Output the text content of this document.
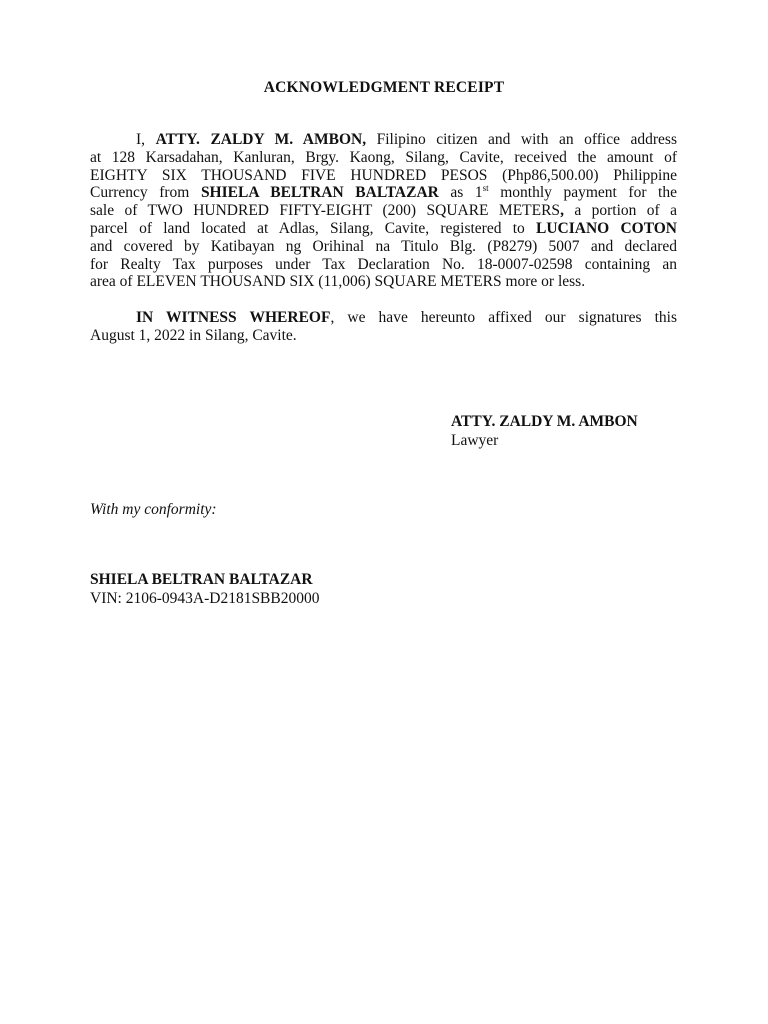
ACKNOWLEDGMENT RECEIPT
I, ATTY. ZALDY M. AMBON, Filipino citizen and with an office address
at 128 Karsadahan, Kanluran, Brgy. Kaong, Silang, Cavite, received the amount of
EIGHTY SIX THOUSAND FIVE HUNDRED PESOS (Php86,500.00) Philippine
Currency from SHIELA BELTRAN BALTAZAR as 1st monthly payment for the
sale of TWO HUNDRED FIFTY-EIGHT (200) SQUARE METERS, a portion of a
parcel of land located at Adlas, Silang, Cavite, registered to LUCIANO COTON
and covered by Katibayan ng Orihinal na Titulo Blg. (P8279) 5007 and declared
for Realty Tax purposes under Tax Declaration No. 18-0007-02598 containing an
area of ELEVEN THOUSAND SIX (11,006) SQUARE METERS more or less.
IN WITNESS WHEREOF, we have hereunto affixed our signatures this
August 1, 2022 in Silang, Cavite.
ATTY. ZALDY M. AMBON
Lawyer
With my conformity:
SHIELA BELTRAN BALTAZAR
VIN: 2106-0943A-D2181SBB20000
